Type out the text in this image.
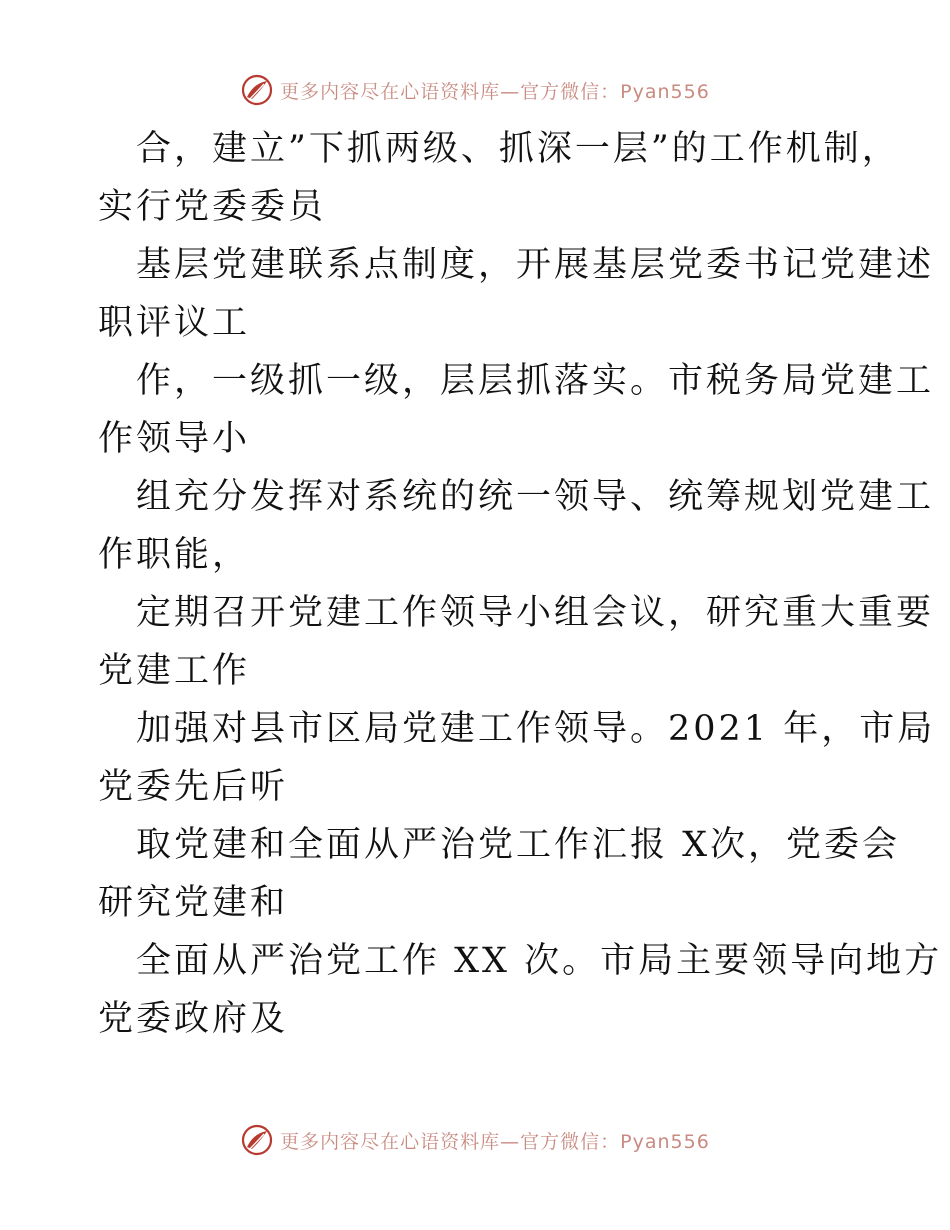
更多内容尽在心语资料库—官方微信：Pyan556
合，建立”下抓两级、抓深一层”的工作机制，
实行党委委员
基层党建联系点制度，开展基层党委书记党建述
职评议工
作，一级抓一级，层层抓落实。市税务局党建工
作领导小
组充分发挥对系统的统一领导、统筹规划党建工
作职能，
定期召开党建工作领导小组会议，研究重大重要
党建工作
加强对县市区局党建工作领导。2021 年，市局
党委先后听
取党建和全面从严治党工作汇报 X次，党委会
研究党建和
全面从严治党工作 XX 次。市局主要领导向地方
党委政府及
更多内容尽在心语资料库—官方微信：Pyan556
